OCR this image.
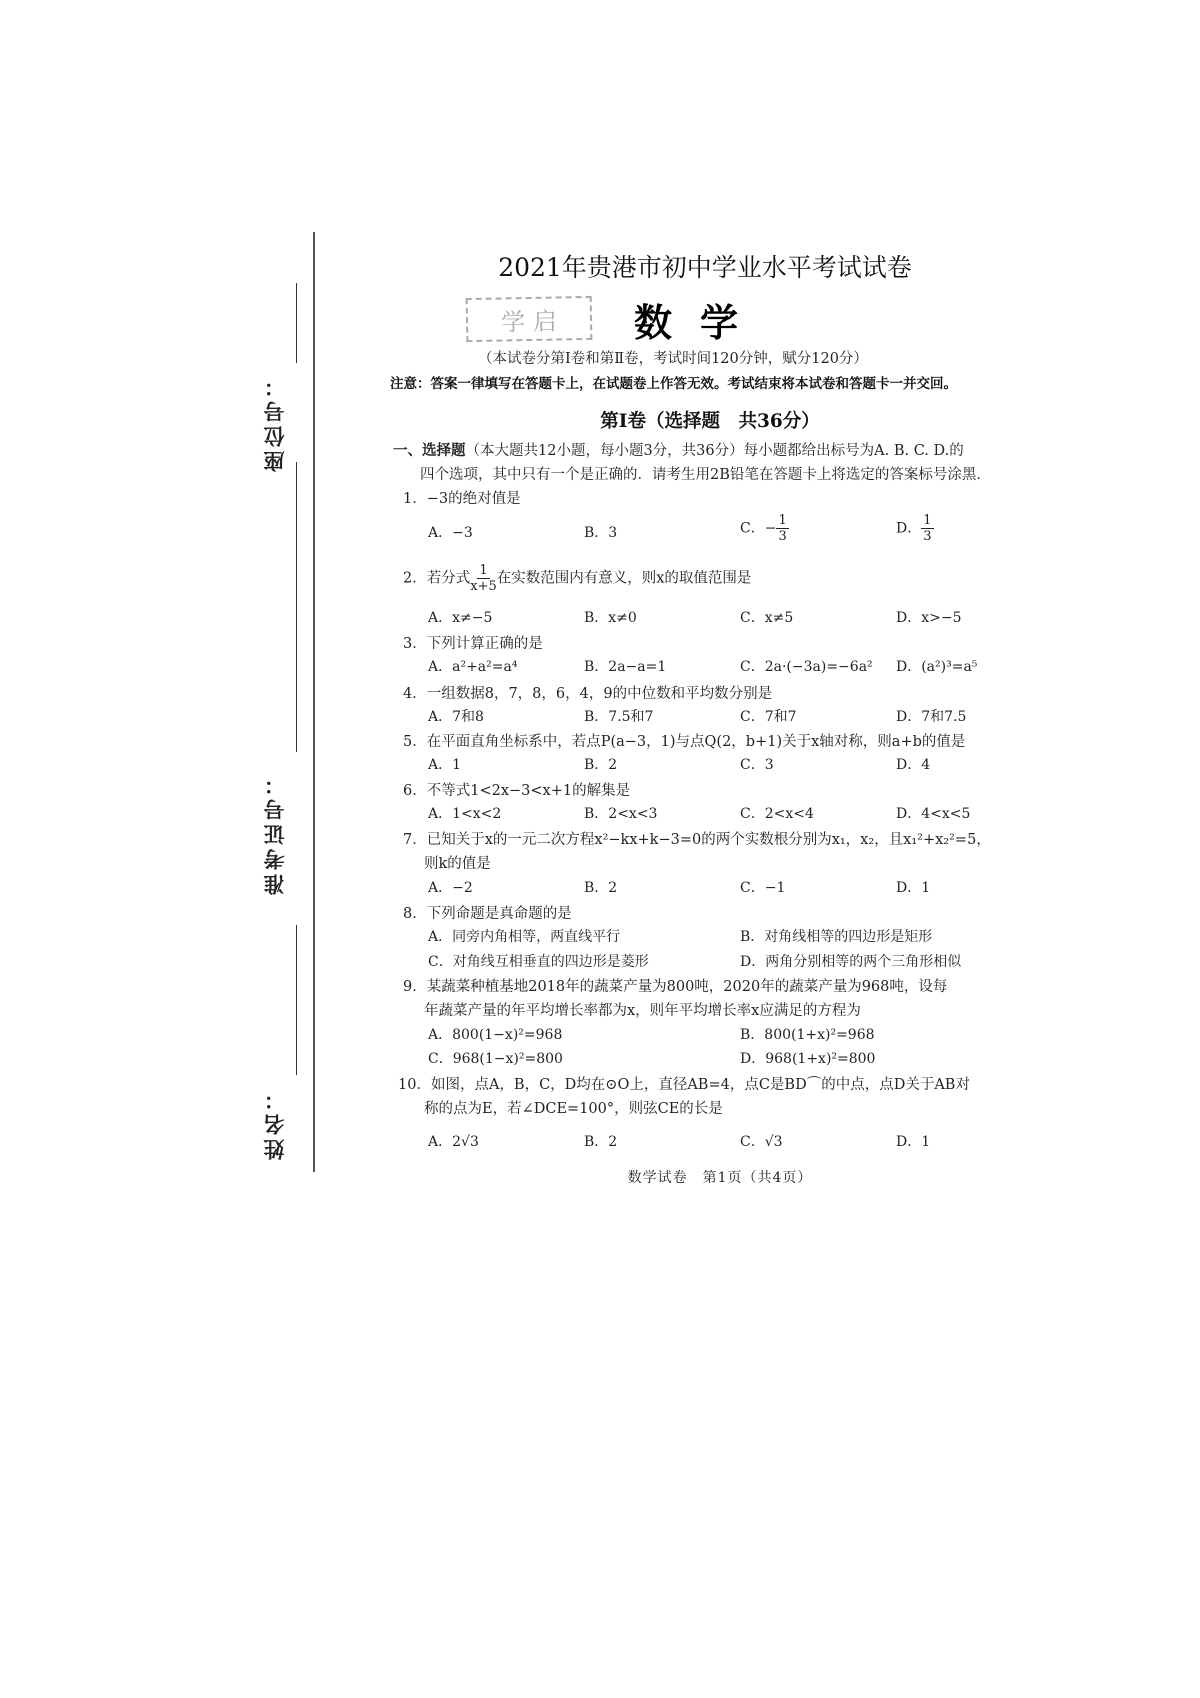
座位号：
准考证号：
姓名：
2021年贵港市初中学业水平考试试卷
学 启	数学
（本试卷分第Ⅰ卷和第Ⅱ卷，考试时间120分钟，赋分120分）
注意：答案一律填写在答题卡上，在试题卷上作答无效。考试结束将本试卷和答题卡一并交回。
第Ⅰ卷（选择题　共36分）
一、选择题（本大题共12小题，每小题3分，共36分）每小题都给出标号为A. B. C. D.的
四个选项，其中只有一个是正确的．请考生用2B铅笔在答题卡上将选定的答案标号涂黑．
1．−3的绝对值是
A．−3	B．3	C．− $\frac{1}{3}$	D． $\frac{1}{3}$
2．若分式 $\frac{1}{x+5}$ 在实数范围内有意义，则x的取值范围是
A．x≠−5	B．x≠0	C．x≠5	D．x>−5
3．下列计算正确的是
A．a²+a²=a⁴	B．2a−a=1	C．2a·(−3a)=−6a² D．(a²)³=a⁵
4．一组数据8，7，8，6，4，9的中位数和平均数分别是
A．7和8	B．7.5和7	C．7和7	D．7和7.5
5．在平面直角坐标系中，若点P(a−3，1)与点Q(2，b+1)关于x轴对称，则a+b的值是
A．1	B．2	C．3	D．4
6．不等式1<2x−3<x+1的解集是
A．1<x<2	B．2<x<3	C．2<x<4	D．4<x<5
7．已知关于x的一元二次方程x²−kx+k−3=0的两个实数根分别为x₁，x₂，且x₁²+x₂²=5，
则k的值是
A．−2	B．2	C．−1	D．1
8．下列命题是真命题的是
A．同旁内角相等，两直线平行	B．对角线相等的四边形是矩形
C．对角线互相垂直的四边形是菱形	D．两角分别相等的两个三角形相似
9．某蔬菜种植基地2018年的蔬菜产量为800吨，2020年的蔬菜产量为968吨，设每
年蔬菜产量的年平均增长率都为x，则年平均增长率x应满足的方程为
A．800(1−x)²=968	B．800(1+x)²=968
C．968(1−x)²=800	D．968(1+x)²=800
10．如图，点A，B，C，D均在⊙O上，直径AB=4，点C是BD⌒的中点，点D关于AB对
称的点为E，若∠DCE=100°，则弦CE的长是
A．2√3	B．2	C．√3	D．1
数学试卷　第1页（共4页）
